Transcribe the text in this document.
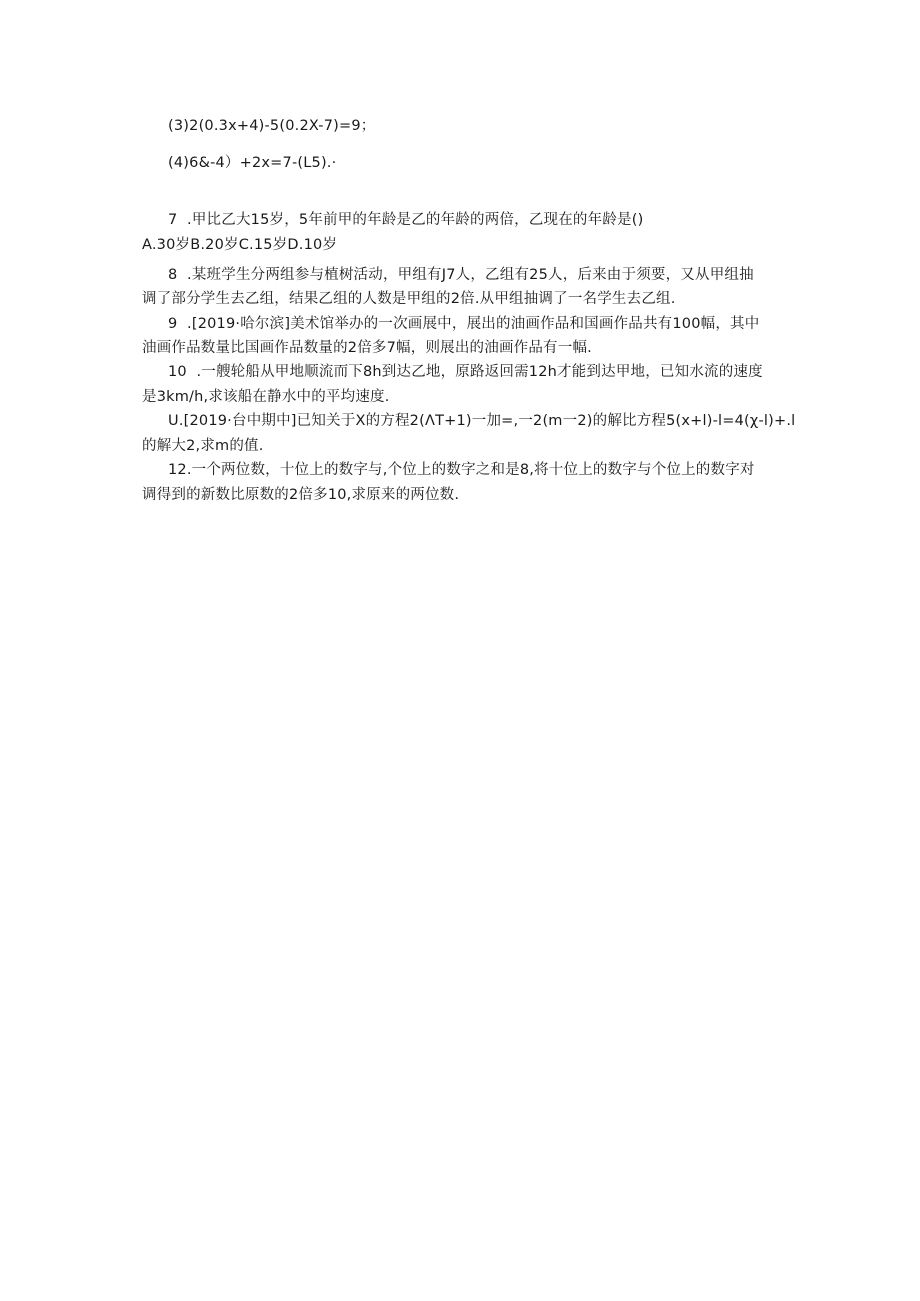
(3)2(0.3x+4)-5(0.2X-7)=9；
(4)6&-4）+2x=7-(L5).·
7  .甲比乙大15岁，5年前甲的年龄是乙的年龄的两倍，乙现在的年龄是()
A.30岁B.20岁C.15岁D.10岁
8  .某班学生分两组参与植树活动，甲组有J7人，乙组有25人，后来由于须要，又从甲组抽
调了部分学生去乙组，结果乙组的人数是甲组的2倍.从甲组抽调了一名学生去乙组.
9  .[2019·哈尔滨]美术馆举办的一次画展中，展出的油画作品和国画作品共有100幅，其中
油画作品数量比国画作品数量的2倍多7幅，则展出的油画作品有一幅.
10  .一艘轮船从甲地顺流而下8h到达乙地，原路返回需12h才能到达甲地，已知水流的速度
是3km/h,求该船在静水中的平均速度.
U.[2019·台中期中]已知关于X的方程2(ΛT+1)一加=,一2(m一2)的解比方程5(x+l)-l=4(χ-l)+.l
的解大2,求m的值.
12.一个两位数，十位上的数字与,个位上的数字之和是8,将十位上的数字与个位上的数字对
调得到的新数比原数的2倍多10,求原来的两位数.
